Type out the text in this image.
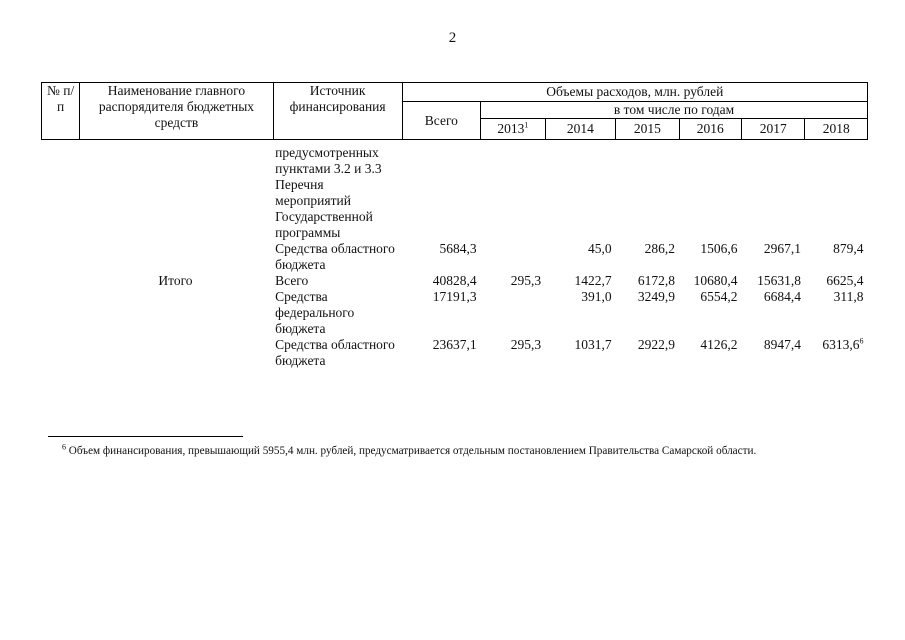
2
№ п/п	Наименование главного распорядителя бюджетных средств	Источник финансирования	Объемы расходов, млн. рублей						
			Всего	в том числе по годам					
				2013$^1$	2014	2015	2016	2017	2018

		предусмотренных пунктами 3.2 и 3.3 Перечня мероприятий Государственной программы							
		Средства областного бюджета	5684,3		45,0	286,2	1506,6	2967,1	879,4
	Итого	Всего	40828,4	295,3	1422,7	6172,8	10680,4	15631,8	6625,4
		Средства федерального бюджета	17191,3		391,0	3249,9	6554,2	6684,4	311,8
		Средства областного бюджета	23637,1	295,3	1031,7	2922,9	4126,2	8947,4	6313,6$^6$
$^6$ Объем финансирования, превышающий 5955,4 млн. рублей, предусматривается отдельным постановлением Правительства Самарской области.
